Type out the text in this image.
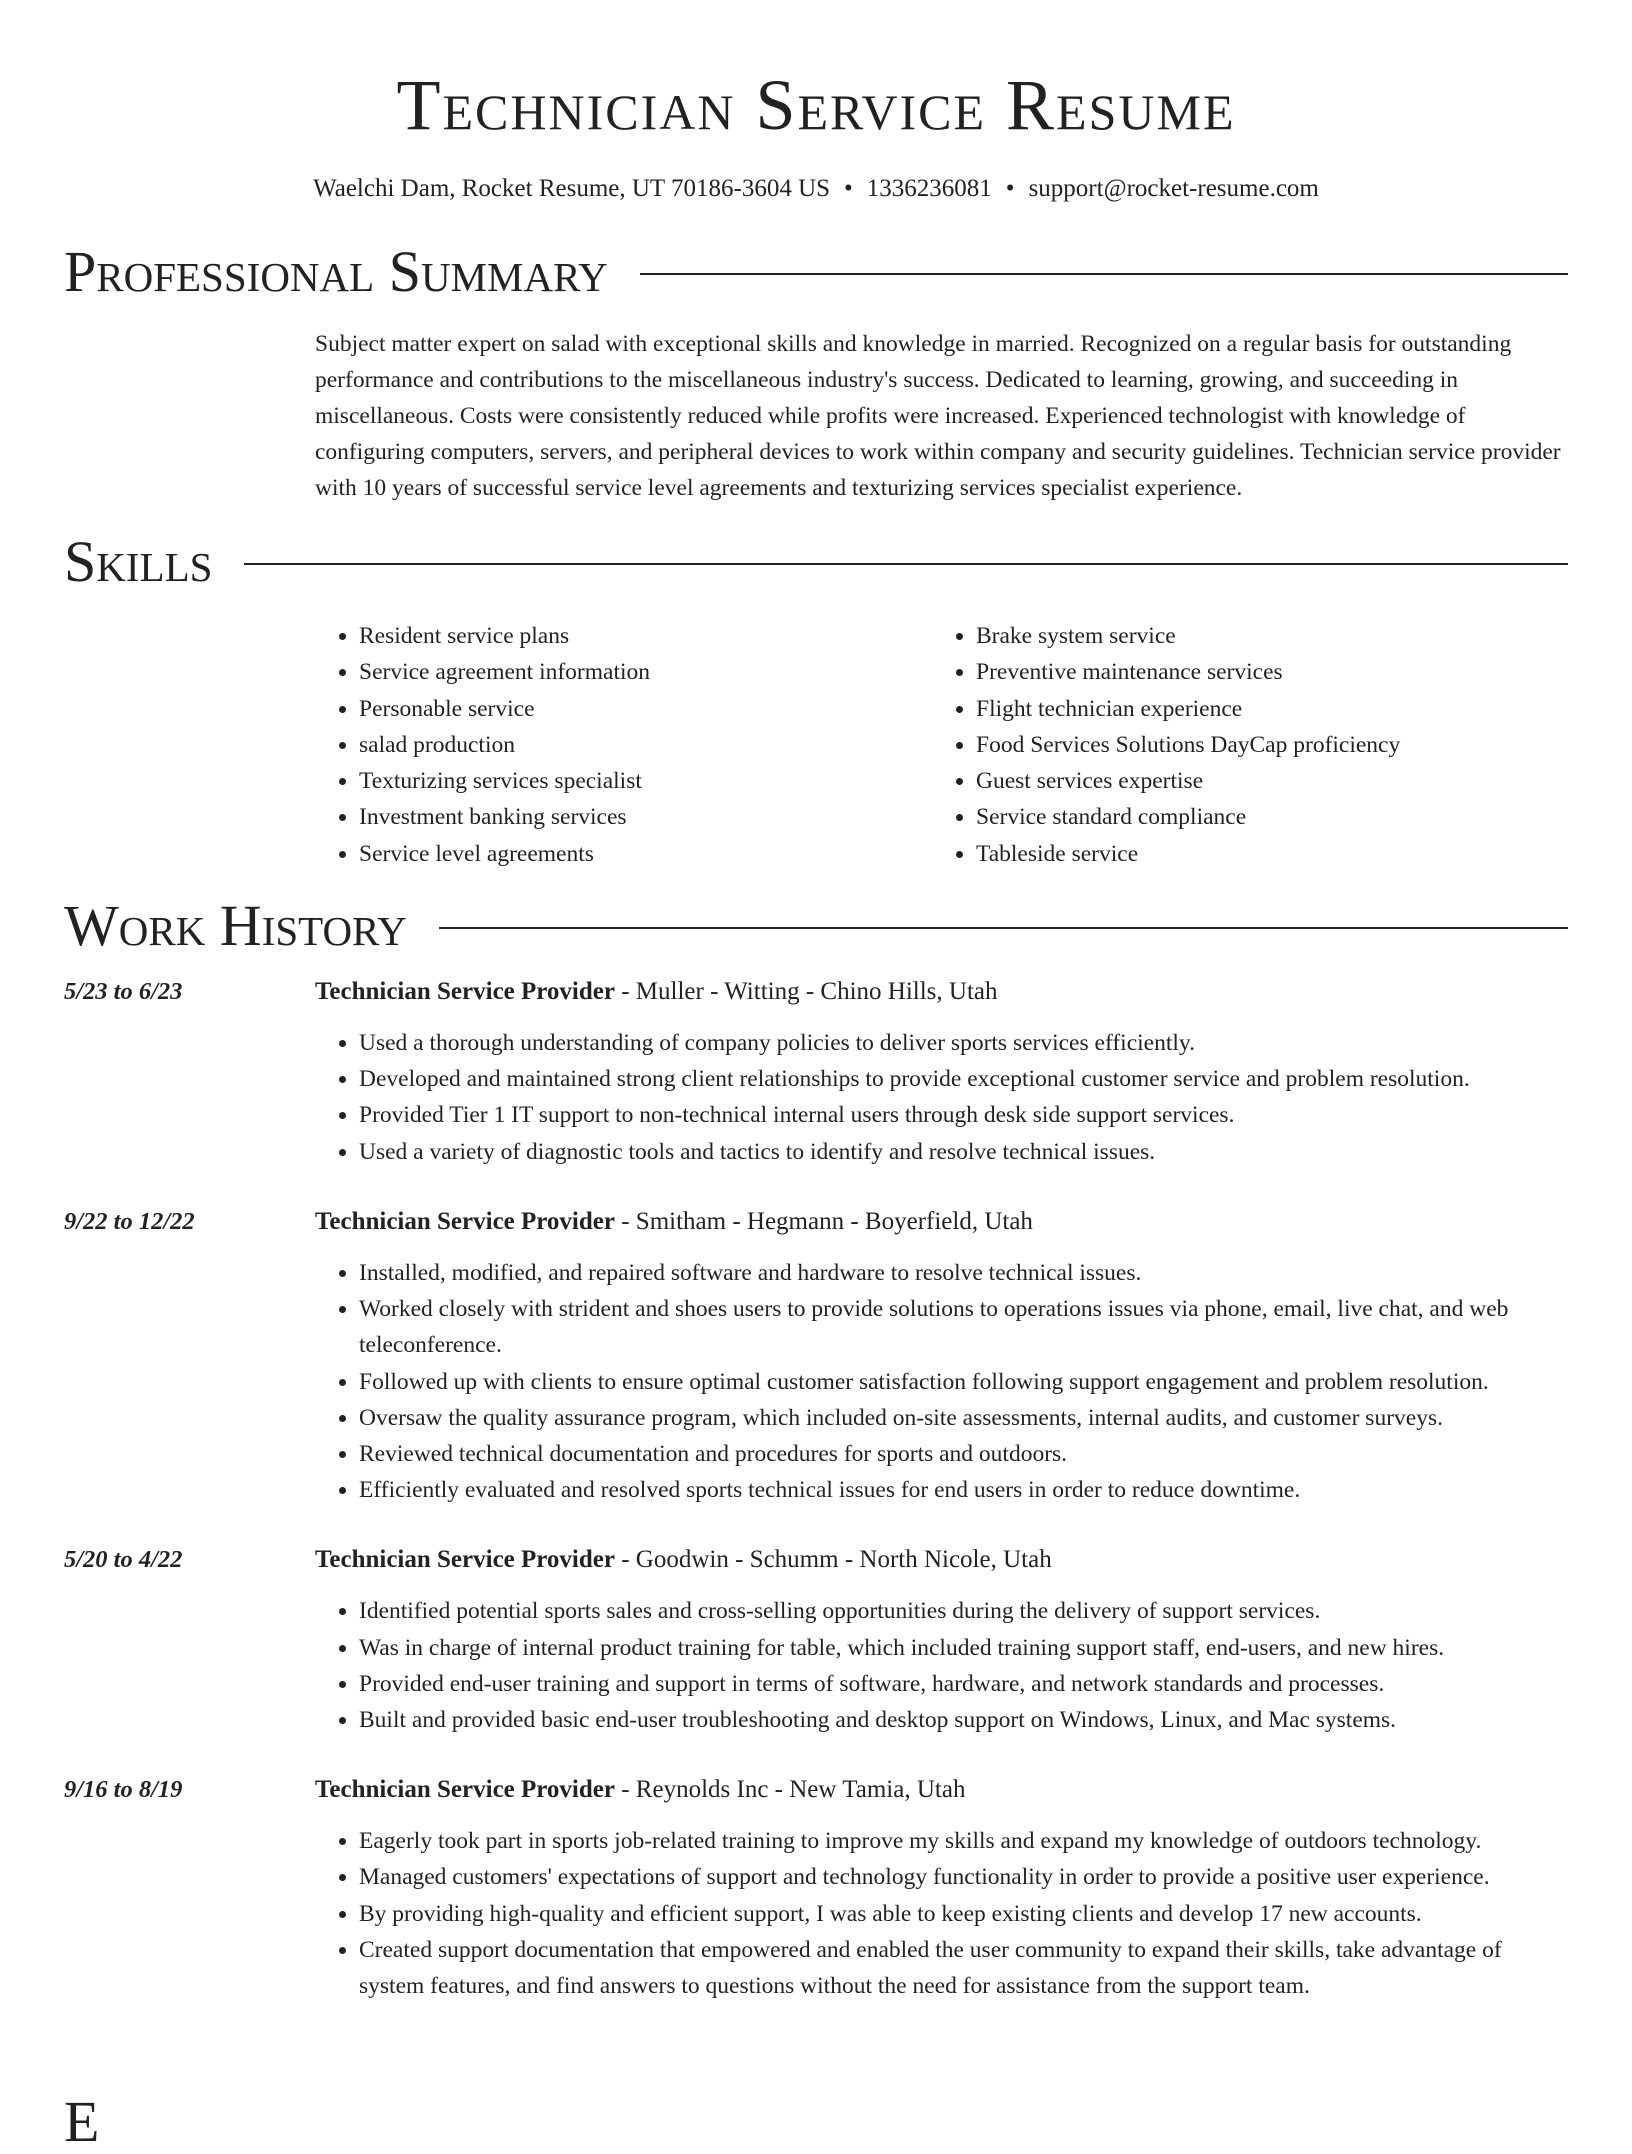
Technician Service Resume
Waelchi Dam, Rocket Resume, UT 70186-3604 US • 1336236081 • support@rocket-resume.com
Professional Summary
Subject matter expert on salad with exceptional skills and knowledge in married. Recognized on a regular basis for outstanding performance and contributions to the miscellaneous industry's success. Dedicated to learning, growing, and succeeding in miscellaneous. Costs were consistently reduced while profits were increased. Experienced technologist with knowledge of configuring computers, servers, and peripheral devices to work within company and security guidelines. Technician service provider with 10 years of successful service level agreements and texturizing services specialist experience.
Skills
• Resident service plans
• Service agreement information
• Personable service
• salad production
• Texturizing services specialist
• Investment banking services
• Service level agreements
• Brake system service
• Preventive maintenance services
• Flight technician experience
• Food Services Solutions DayCap proficiency
• Guest services expertise
• Service standard compliance
• Tableside service
Work History
5/23 to 6/23	Technician Service Provider - Muller - Witting - Chino Hills, Utah
• Used a thorough understanding of company policies to deliver sports services efficiently.
• Developed and maintained strong client relationships to provide exceptional customer service and problem resolution.
• Provided Tier 1 IT support to non-technical internal users through desk side support services.
• Used a variety of diagnostic tools and tactics to identify and resolve technical issues.
9/22 to 12/22	Technician Service Provider - Smitham - Hegmann - Boyerfield, Utah
• Installed, modified, and repaired software and hardware to resolve technical issues.
• Worked closely with strident and shoes users to provide solutions to operations issues via phone, email, live chat, and web teleconference.
• Followed up with clients to ensure optimal customer satisfaction following support engagement and problem resolution.
• Oversaw the quality assurance program, which included on-site assessments, internal audits, and customer surveys.
• Reviewed technical documentation and procedures for sports and outdoors.
• Efficiently evaluated and resolved sports technical issues for end users in order to reduce downtime.
5/20 to 4/22	Technician Service Provider - Goodwin - Schumm - North Nicole, Utah
• Identified potential sports sales and cross-selling opportunities during the delivery of support services.
• Was in charge of internal product training for table, which included training support staff, end-users, and new hires.
• Provided end-user training and support in terms of software, hardware, and network standards and processes.
• Built and provided basic end-user troubleshooting and desktop support on Windows, Linux, and Mac systems.
9/16 to 8/19	Technician Service Provider - Reynolds Inc - New Tamia, Utah
• Eagerly took part in sports job-related training to improve my skills and expand my knowledge of outdoors technology.
• Managed customers' expectations of support and technology functionality in order to provide a positive user experience.
• By providing high-quality and efficient support, I was able to keep existing clients and develop 17 new accounts.
• Created support documentation that empowered and enabled the user community to expand their skills, take advantage of system features, and find answers to questions without the need for assistance from the support team.
E
